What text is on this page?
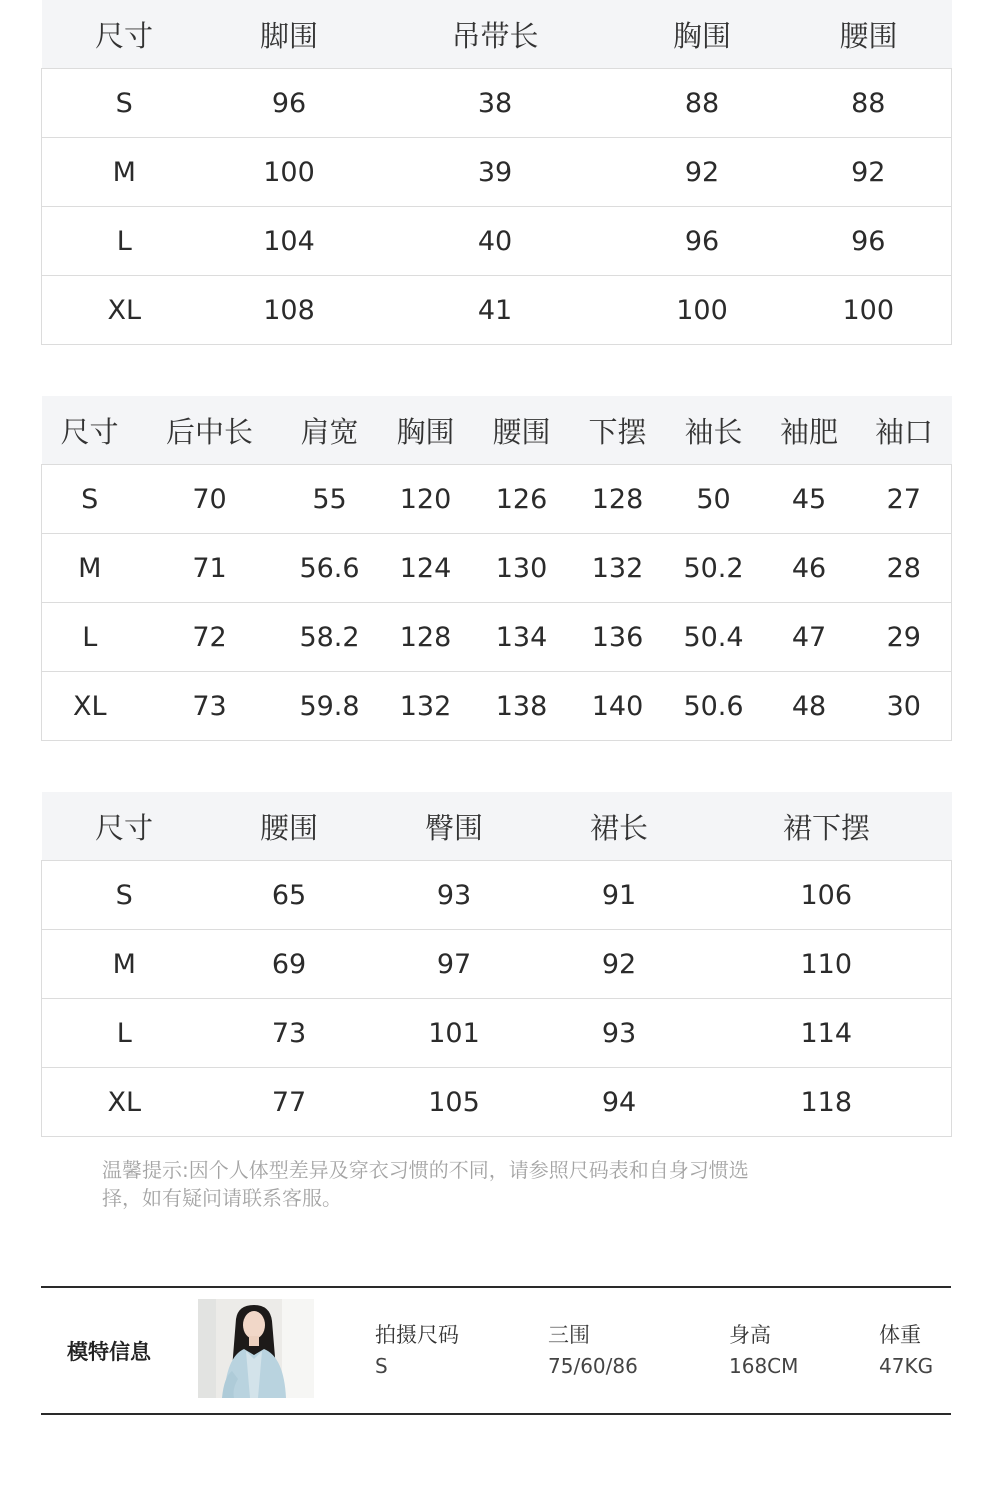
尺寸	脚围	吊带长	胸围	腰围
S	96	38	88	88
M	100	39	92	92
L	104	40	96	96
XL	108	41	100	100
尺寸	后中长	肩宽	胸围	腰围	下摆	袖长	袖肥	袖口
S	70	55	120	126	128	50	45	27
M	71	56.6	124	130	132	50.2	46	28
L	72	58.2	128	134	136	50.4	47	29
XL	73	59.8	132	138	140	50.6	48	30
尺寸	腰围	臀围	裙长	裙下摆
S	65	93	91	106
M	69	97	92	110
L	73	101	93	114
XL	77	105	94	118
温馨提示:因个人体型差异及穿衣习惯的不同，请参照尺码表和自身习惯选
择，如有疑问请联系客服。
模特信息
拍摄尺码
S
三围
75/60/86
身高
168CM
体重
47KG
